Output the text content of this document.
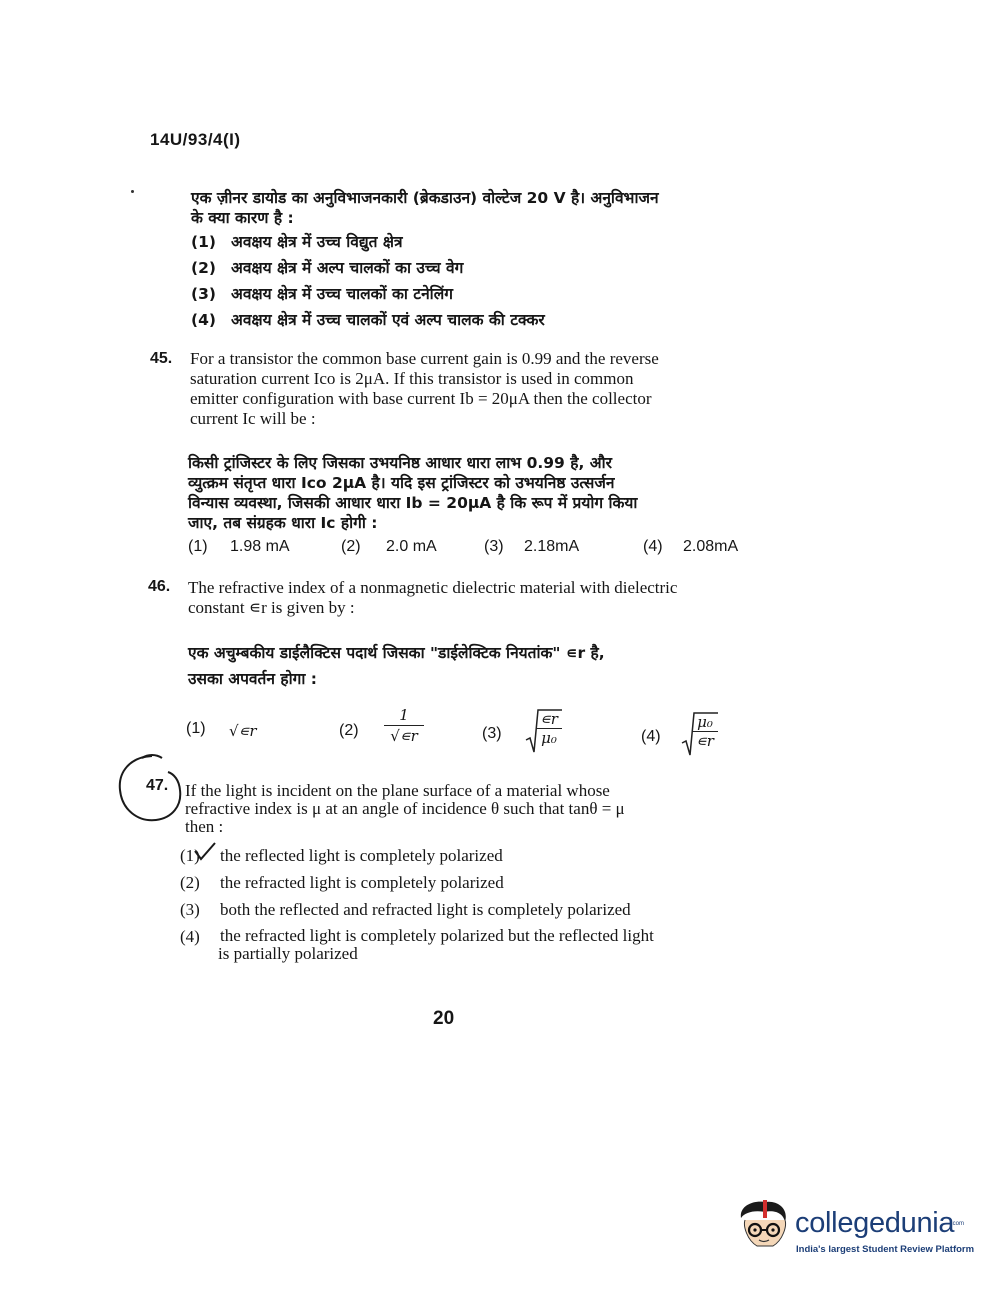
14U/93/4(I)
एक ज़ीनर डायोड का अनुविभाजनकारी (ब्रेकडाउन) वोल्टेज 20 V है। अनुविभाजन
के क्या कारण है :
(1) अवक्षय क्षेत्र में उच्च विद्युत क्षेत्र
(2) अवक्षय क्षेत्र में अल्प चालकों का उच्च वेग
(3) अवक्षय क्षेत्र में उच्च चालकों का टनेलिंग
(4) अवक्षय क्षेत्र में उच्च चालकों एवं अल्प चालक की टक्कर
45. For a transistor the common base current gain is 0.99 and the reverse
saturation current Ico is 2μA. If this transistor is used in common
emitter configuration with base current Ib = 20μA then the collector
current Ic will be :
किसी ट्रांजिस्टर के लिए जिसका उभयनिष्ठ आधार धारा लाभ 0.99 है, और
व्युत्क्रम संतृप्त धारा Ico 2μA है। यदि इस ट्रांजिस्टर को उभयनिष्ठ उत्सर्जन
विन्यास व्यवस्था, जिसकी आधार धारा Ib = 20μA है कि रूप में प्रयोग किया
जाए, तब संग्रहक धारा Ic होगी :
(1) 1.98 mA	(2) 2.0 mA	(3) 2.18mA	(4) 2.08mA
46. The refractive index of a nonmagnetic dielectric material with dielectric
constant ∊r is given by :
एक अचुम्बकीय डाईलैक्टिस पदार्थ जिसका "डाईलेक्टिक नियतांक" ∊r है,
उसका अपवर्तन होगा :
(1) √∊r	(2)
1
√∊r	(3)
∊r
μ₀	(4)
μ₀
∊r
47. If the light is incident on the plane surface of a material whose
refractive index is μ at an angle of incidence θ such that tanθ = μ
then :
(1)	the reflected light is completely polarized
(2)	the refracted light is completely polarized
(3)	both the reflected and refracted light is completely polarized
(4)	the refracted light is completely polarized but the reflected light
is partially polarized
20
collegedunia
.com
India's largest Student Review Platform
